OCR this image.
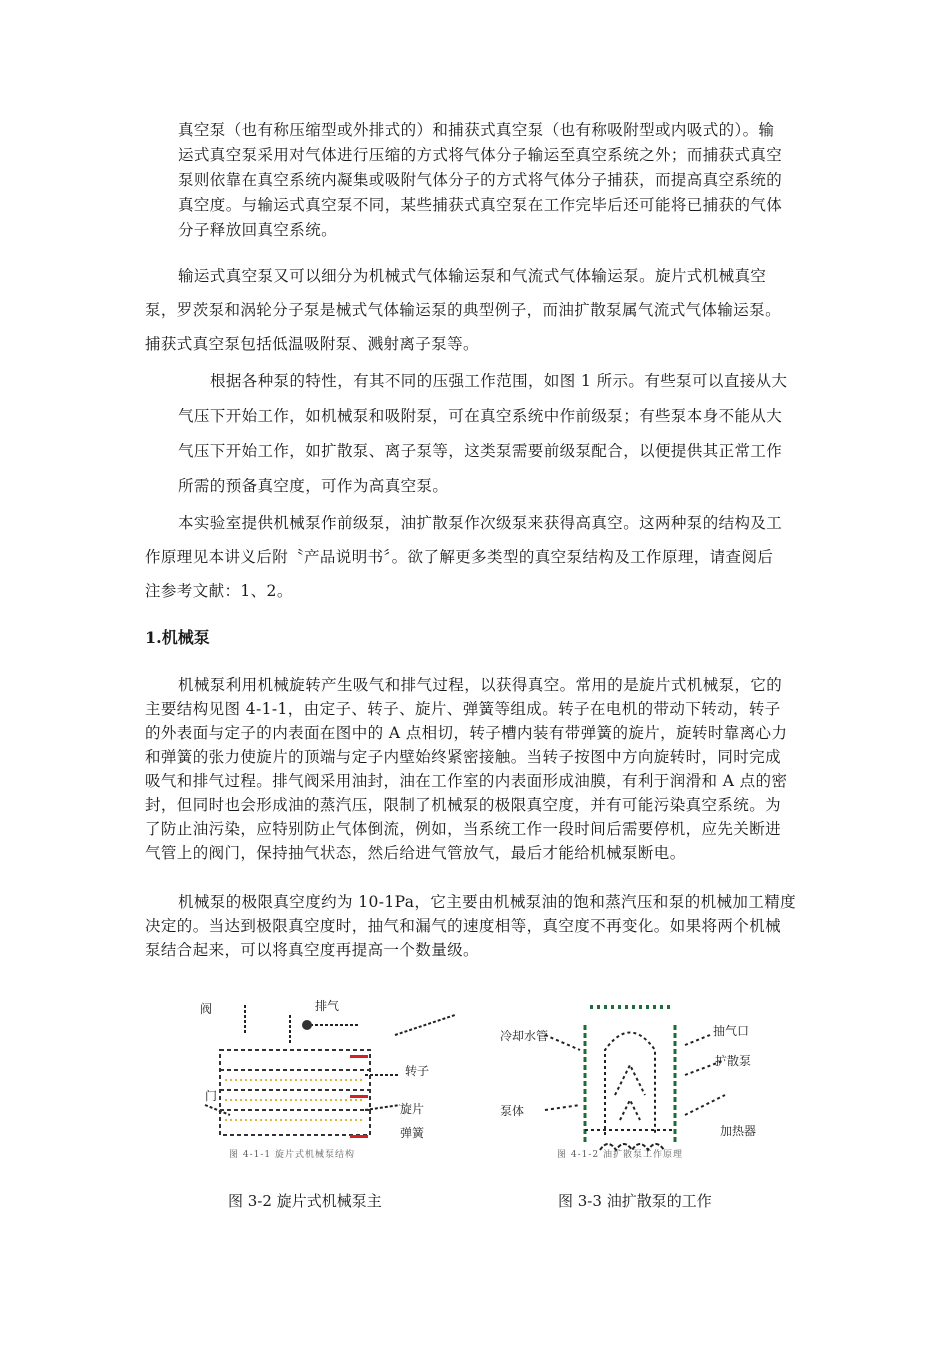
真空泵（也有称压缩型或外排式的）和捕获式真空泵（也有称吸附型或内吸式的）。输
运式真空泵采用对气体进行压缩的方式将气体分子输运至真空系统之外；而捕获式真空
泵则依靠在真空系统内凝集或吸附气体分子的方式将气体分子捕获，而提高真空系统的
真空度。与输运式真空泵不同，某些捕获式真空泵在工作完毕后还可能将已捕获的气体
分子释放回真空系统。
输运式真空泵又可以细分为机械式气体输运泵和气流式气体输运泵。旋片式机械真空
泵，罗茨泵和涡轮分子泵是械式气体输运泵的典型例子，而油扩散泵属气流式气体输运泵。
捕获式真空泵包括低温吸附泵、溅射离子泵等。
根据各种泵的特性，有其不同的压强工作范围，如图 1 所示。有些泵可以直接从大
气压下开始工作，如机械泵和吸附泵，可在真空系统中作前级泵；有些泵本身不能从大
气压下开始工作，如扩散泵、离子泵等，这类泵需要前级泵配合，以便提供其正常工作
所需的预备真空度，可作为高真空泵。
本实验室提供机械泵作前级泵，油扩散泵作次级泵来获得高真空。这两种泵的结构及工
作原理见本讲义后附〝产品说明书〞。欲了解更多类型的真空泵结构及工作原理，请查阅后
注参考文献：1、2。
1.机械泵
机械泵利用机械旋转产生吸气和排气过程，以获得真空。常用的是旋片式机械泵，它的
主要结构见图 4-1-1，由定子、转子、旋片、弹簧等组成。转子在电机的带动下转动，转子
的外表面与定子的内表面在图中的 A 点相切，转子槽内装有带弹簧的旋片，旋转时靠离心力
和弹簧的张力使旋片的顶端与定子内壁始终紧密接触。当转子按图中方向旋转时，同时完成
吸气和排气过程。排气阀采用油封，油在工作室的内表面形成油膜，有利于润滑和 A 点的密
封，但同时也会形成油的蒸汽压，限制了机械泵的极限真空度，并有可能污染真空系统。为
了防止油污染，应特别防止气体倒流，例如，当系统工作一段时间后需要停机，应先关断进
气管上的阀门，保持抽气状态，然后给进气管放气，最后才能给机械泵断电。
机械泵的极限真空度约为 10-1Pa，它主要由机械泵油的饱和蒸汽压和泵的机械加工精度
决定的。当达到极限真空度时，抽气和漏气的速度相等，真空度不再变化。如果将两个机械
泵结合起来，可以将真空度再提高一个数量级。
阀
门
排气
转子
旋片
弹簧
图 4-1-1 旋片式机械泵结构
图 3-2 旋片式机械泵主
冷却水管	抽气口
扩散泵
泵体
加热器
图 4-1-2 油扩散泵工作原理
图 3-3 油扩散泵的工作
